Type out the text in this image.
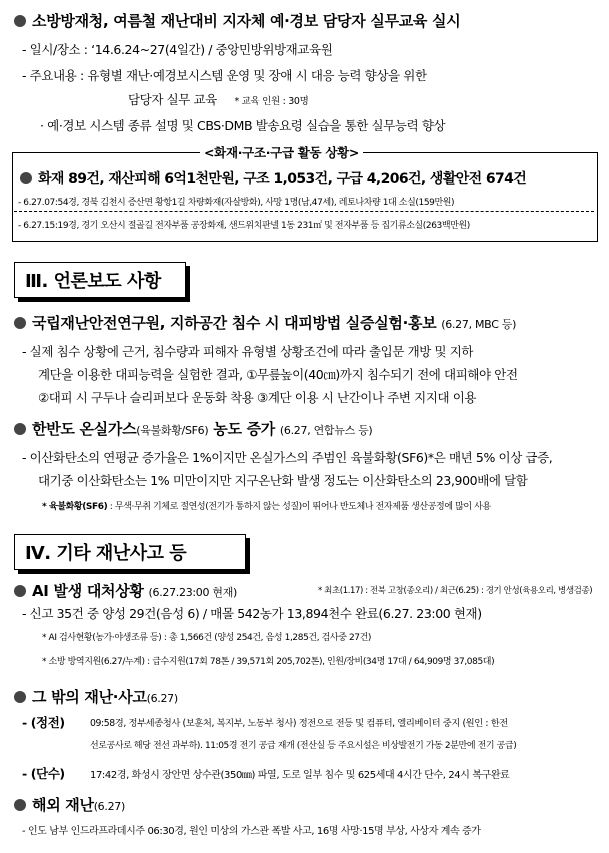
소방방재청, 여름철 재난대비 지자체 예·경보 담당자 실무교육 실시
- 일시/장소 : ‘14.6.24~27(4일간) / 중앙민방위방재교육원
- 주요내용 : 유형별 재난·예경보시스템 운영 및 장애 시 대응 능력 향상을 위한
담당자 실무 교육 * 교육 인원 : 30명
· 예·경보 시스템 종류 설명 및 CBS·DMB 발송요령 실습을 통한 실무능력 향상
<화재·구조·구급 활동 상황>
화재 89건, 재산피해 6억1천만원, 구조 1,053건, 구급 4,206건, 생활안전 674건
- 6.27.07:54경, 경북 김천시 증산면 황항1길 차량화재(자살방화), 사망 1명(남,47세), 레토나차량 1대 소실(159만원)
- 6.27.15:19경, 경기 오산시 절골길 전자부품 공장화재, 샌드위치판넬 1동 231㎡ 및 전자부품 등 집기류소실(263백만원)
Ⅲ. 언론보도 사항
국립재난안전연구원, 지하공간 침수 시 대피방법 실증실험·홍보 (6.27, MBC 등)
- 실제 침수 상황에 근거, 침수량과 피해자 유형별 상황조건에 따라 출입문 개방 및 지하
계단을 이용한 대피능력을 실험한 결과, ①무릎높이(40㎝)까지 침수되기 전에 대피해야 안전
②대피 시 구두나 슬리퍼보다 운동화 착용 ③계단 이용 시 난간이나 주변 지지대 이용
한반도 온실가스(육불화황/SF6) 농도 증가 (6.27, 연합뉴스 등)
- 이산화탄소의 연평균 증가율은 1%이지만 온실가스의 주범인 육불화황(SF6)*은 매년 5% 이상 급증,
대기중 이산화탄소는 1% 미만이지만 지구온난화 발생 정도는 이산화탄소의 23,900배에 달함
* 육불화황(SF6) : 무색·무취 기체로 절연성(전기가 통하지 않는 성질)이 뛰어나 반도체나 전자제품 생산공정에 많이 사용
Ⅳ. 기타 재난사고 등
AI 발생 대처상황 (6.27.23:00 현재)	* 최초(1.17) : 전북 고창(종오리) / 최근(6.25) : 경기 안성(육용오리, 병생검종)
- 신고 35건 중 양성 29건(음성 6) / 매몰 542농가 13,894천수 완료(6.27. 23:00 현재)
* AI 검사현황(농가·야생조류 등) : 총 1,566건 (양성 254건, 음성 1,285건, 검사중 27건)
* 소방 방역지원(6.27/누계) : 급수지원(17회 78톤 / 39,571회 205,702톤), 인원/장비(34명 17대 / 64,909명 37,085대)
그 밖의 재난·사고(6.27)
- (정전)	09:58경, 정부세종청사 (보훈처, 복지부, 노동부 청사) 정전으로 전등 및 컴퓨터, 엘리베이터 중지 (원인 : 한전
선로공사로 해당 전선 과부하). 11:05경 전기 공급 재개 (전산실 등 주요시설은 비상발전기 가동 2분만에 전기 공급)
- (단수)	17:42경, 화성시 장안면 상수관(350㎜) 파열, 도로 일부 침수 및 625세대 4시간 단수, 24시 복구완료
해외 재난(6.27)
- 인도 남부 인드라프라데시주 06:30경, 원인 미상의 가스관 폭발 사고, 16명 사망·15명 부상, 사상자 계속 증가
